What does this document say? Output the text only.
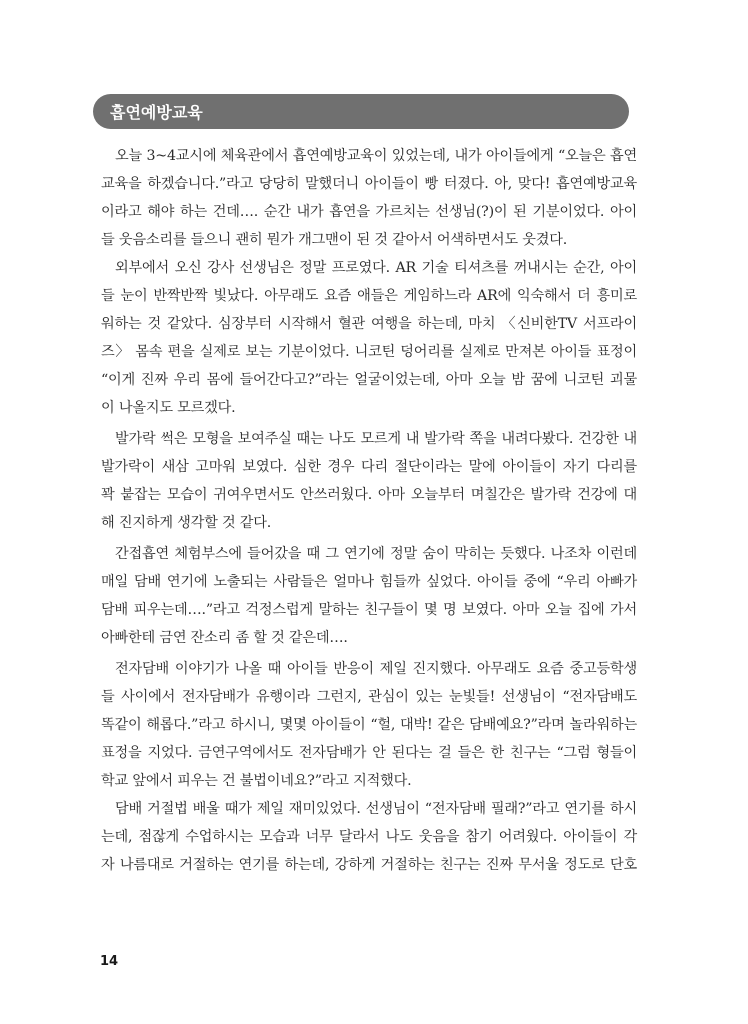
흡연예방교육
오늘 3~4교시에 체육관에서 흡연예방교육이 있었는데, 내가 아이들에게 “오늘은 흡연
교육을 하겠습니다.”라고 당당히 말했더니 아이들이 빵 터졌다. 아, 맞다! 흡연예방교육
이라고 해야 하는 건데…. 순간 내가 흡연을 가르치는 선생님(?)이 된 기분이었다. 아이
들 웃음소리를 들으니 괜히 뭔가 개그맨이 된 것 같아서 어색하면서도 웃겼다.
외부에서 오신 강사 선생님은 정말 프로였다. AR 기술 티셔츠를 꺼내시는 순간, 아이
들 눈이 반짝반짝 빛났다. 아무래도 요즘 애들은 게임하느라 AR에 익숙해서 더 흥미로
워하는 것 같았다. 심장부터 시작해서 혈관 여행을 하는데, 마치 〈신비한TV 서프라이
즈〉 몸속 편을 실제로 보는 기분이었다. 니코틴 덩어리를 실제로 만져본 아이들 표정이
“이게 진짜 우리 몸에 들어간다고?”라는 얼굴이었는데, 아마 오늘 밤 꿈에 니코틴 괴물
이 나올지도 모르겠다.
발가락 썩은 모형을 보여주실 때는 나도 모르게 내 발가락 쪽을 내려다봤다. 건강한 내
발가락이 새삼 고마워 보였다. 심한 경우 다리 절단이라는 말에 아이들이 자기 다리를
꽉 붙잡는 모습이 귀여우면서도 안쓰러웠다. 아마 오늘부터 며칠간은 발가락 건강에 대
해 진지하게 생각할 것 같다.
간접흡연 체험부스에 들어갔을 때 그 연기에 정말 숨이 막히는 듯했다. 나조차 이런데
매일 담배 연기에 노출되는 사람들은 얼마나 힘들까 싶었다. 아이들 중에 “우리 아빠가
담배 피우는데….”라고 걱정스럽게 말하는 친구들이 몇 명 보였다. 아마 오늘 집에 가서
아빠한테 금연 잔소리 좀 할 것 같은데….
전자담배 이야기가 나올 때 아이들 반응이 제일 진지했다. 아무래도 요즘 중고등학생
들 사이에서 전자담배가 유행이라 그런지, 관심이 있는 눈빛들! 선생님이 “전자담배도
똑같이 해롭다.”라고 하시니, 몇몇 아이들이 “헐, 대박! 같은 담배예요?”라며 놀라워하는
표정을 지었다. 금연구역에서도 전자담배가 안 된다는 걸 들은 한 친구는 “그럼 형들이
학교 앞에서 피우는 건 불법이네요?”라고 지적했다.
담배 거절법 배울 때가 제일 재미있었다. 선생님이 “전자담배 필래?”라고 연기를 하시
는데, 점잖게 수업하시는 모습과 너무 달라서 나도 웃음을 참기 어려웠다. 아이들이 각
자 나름대로 거절하는 연기를 하는데, 강하게 거절하는 친구는 진짜 무서울 정도로 단호
14
